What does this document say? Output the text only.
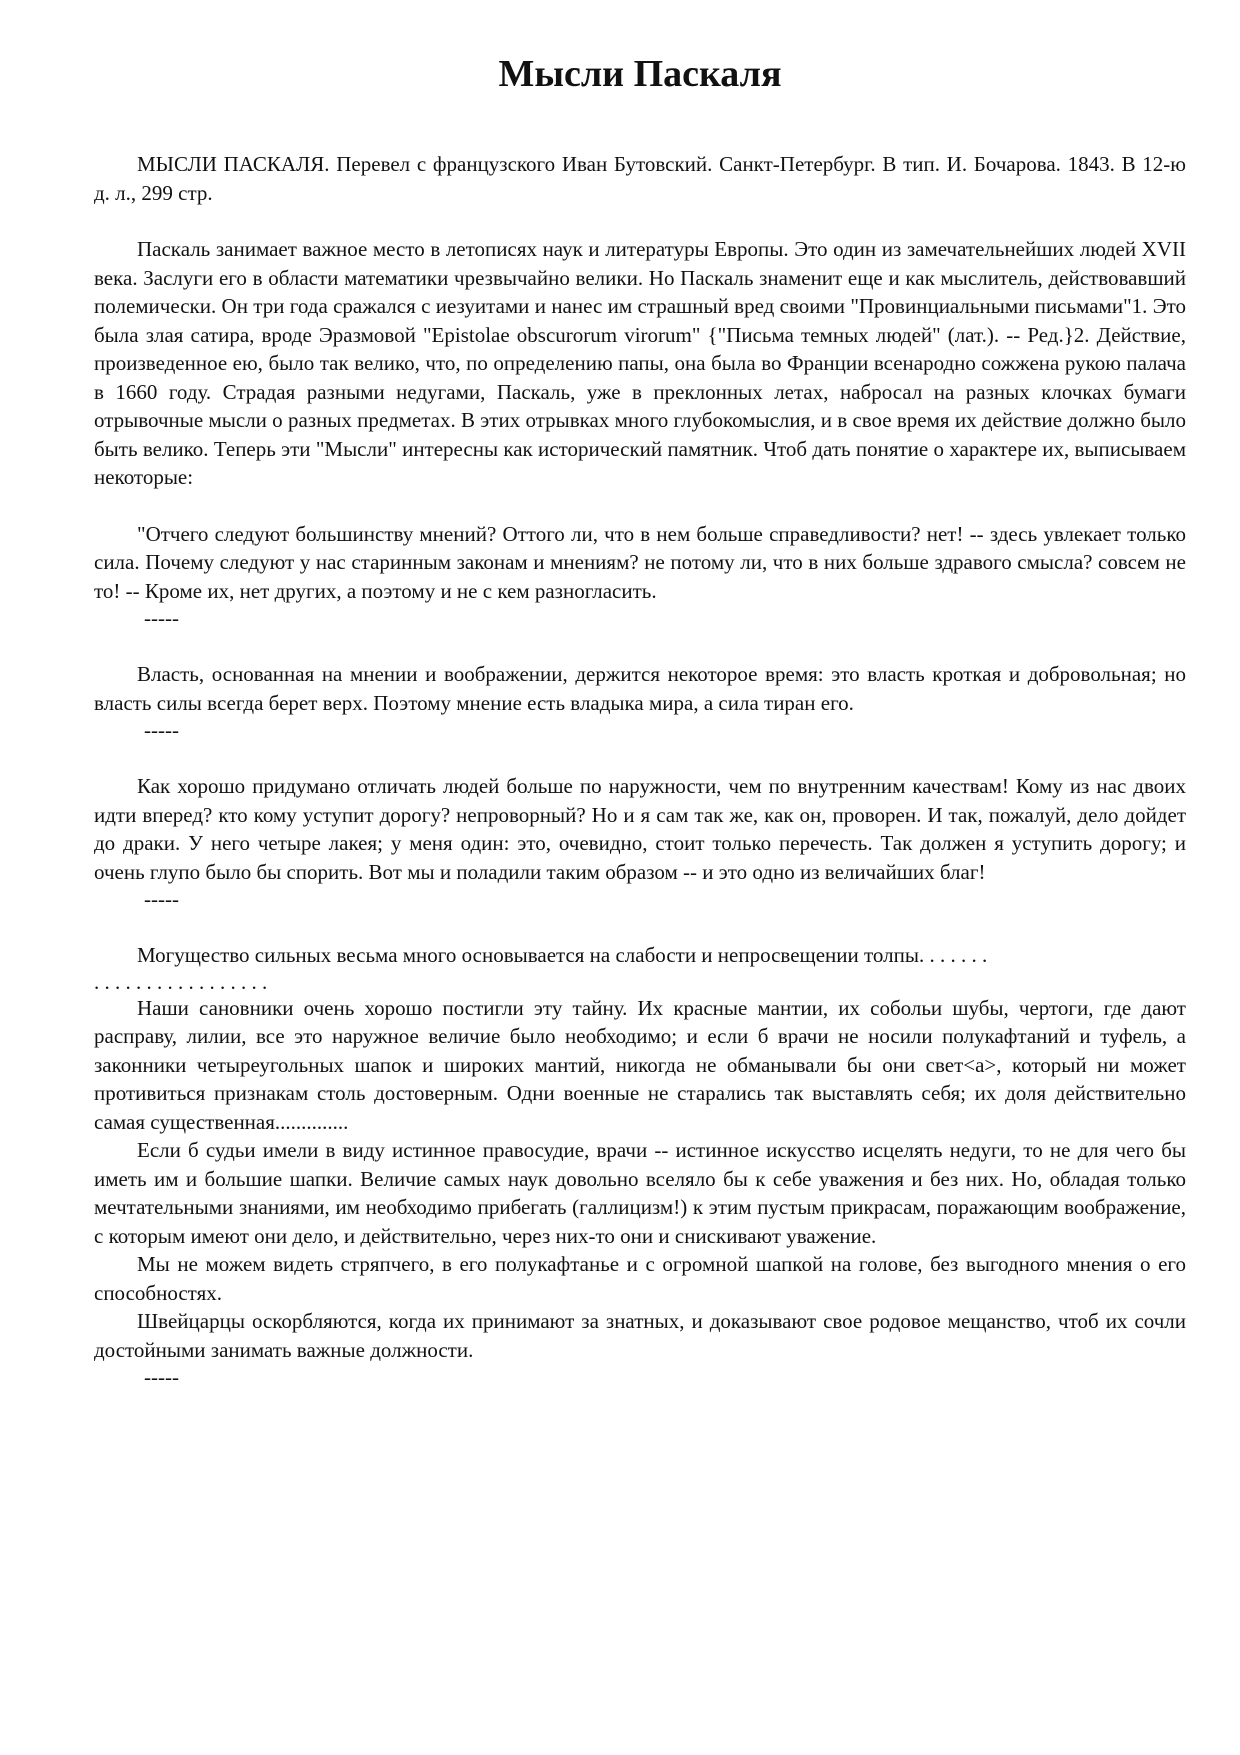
Мысли Паскаля

МЫСЛИ ПАСКАЛЯ. Перевел с французского Иван Бутовский. Санкт-Петербург. В тип. И. Бочарова. 1843. В 12-ю д. л., 299 стр.

Паскаль занимает важное место в летописях наук и литературы Европы. Это один из замечательнейших людей XVII века. Заслуги его в области математики чрезвычайно велики. Но Паскаль знаменит еще и как мыслитель, действовавший полемически. Он три года сражался с иезуитами и нанес им страшный вред своими "Провинциальными письмами"1. Это была злая сатира, вроде Эразмовой "Epistolae obscurorum virorum" {"Письма темных людей" (лат.). -- Ред.}2. Действие, произведенное ею, было так велико, что, по определению папы, она была во Франции всенародно сожжена рукою палача в 1660 году. Страдая разными недугами, Паскаль, уже в преклонных летах, набросал на разных клочках бумаги отрывочные мысли о разных предметах. В этих отрывках много глубокомыслия, и в свое время их действие должно было быть велико. Теперь эти "Мысли" интересны как исторический памятник. Чтоб дать понятие о характере их, выписываем некоторые:

"Отчего следуют большинству мнений? Оттого ли, что в нем больше справедливости? нет! -- здесь увлекает только сила. Почему следуют у нас старинным законам и мнениям? не потому ли, что в них больше здравого смысла? совсем не то! -- Кроме их, нет других, а поэтому и не с кем разногласить.

-----

Власть, основанная на мнении и воображении, держится некоторое время: это власть кроткая и добровольная; но власть силы всегда берет верх. Поэтому мнение есть владыка мира, а сила тиран его.

-----

Как хорошо придумано отличать людей больше по наружности, чем по внутренним качествам! Кому из нас двоих идти вперед? кто кому уступит дорогу? непроворный? Но и я сам так же, как он, проворен. И так, пожалуй, дело дойдет до драки. У него четыре лакея; у меня один: это, очевидно, стоит только перечесть. Так должен я уступить дорогу; и очень глупо было бы спорить. Вот мы и поладили таким образом -- и это одно из величайших благ!

-----

Могущество сильных весьма много основывается на слабости и непросвещении толпы. . . . . . .

. . . . . . . . . . . . . . . . .

Наши сановники очень хорошо постигли эту тайну. Их красные мантии, их собольи шубы, чертоги, где дают расправу, лилии, все это наружное величие было необходимо; и если б врачи не носили полукафтаний и туфель, а законники четыреугольных шапок и широких мантий, никогда не обманывали бы они свет<a>, который ни может противиться признакам столь достоверным. Одни военные не старались так выставлять себя; их доля действительно самая существенная..............

Если б судьи имели в виду истинное правосудие, врачи -- истинное искусство исцелять недуги, то не для чего бы иметь им и большие шапки. Величие самых наук довольно вселяло бы к себе уважения и без них. Но, обладая только мечтательными знаниями, им необходимо прибегать (галлицизм!) к этим пустым прикрасам, поражающим воображение, с которым имеют они дело, и действительно, через них-то они и снискивают уважение.

Мы не можем видеть стряпчего, в его полукафтанье и с огромной шапкой на голове, без выгодного мнения о его способностях.

Швейцарцы оскорбляются, когда их принимают за знатных, и доказывают свое родовое мещанство, чтоб их сочли достойными занимать важные должности.

-----
